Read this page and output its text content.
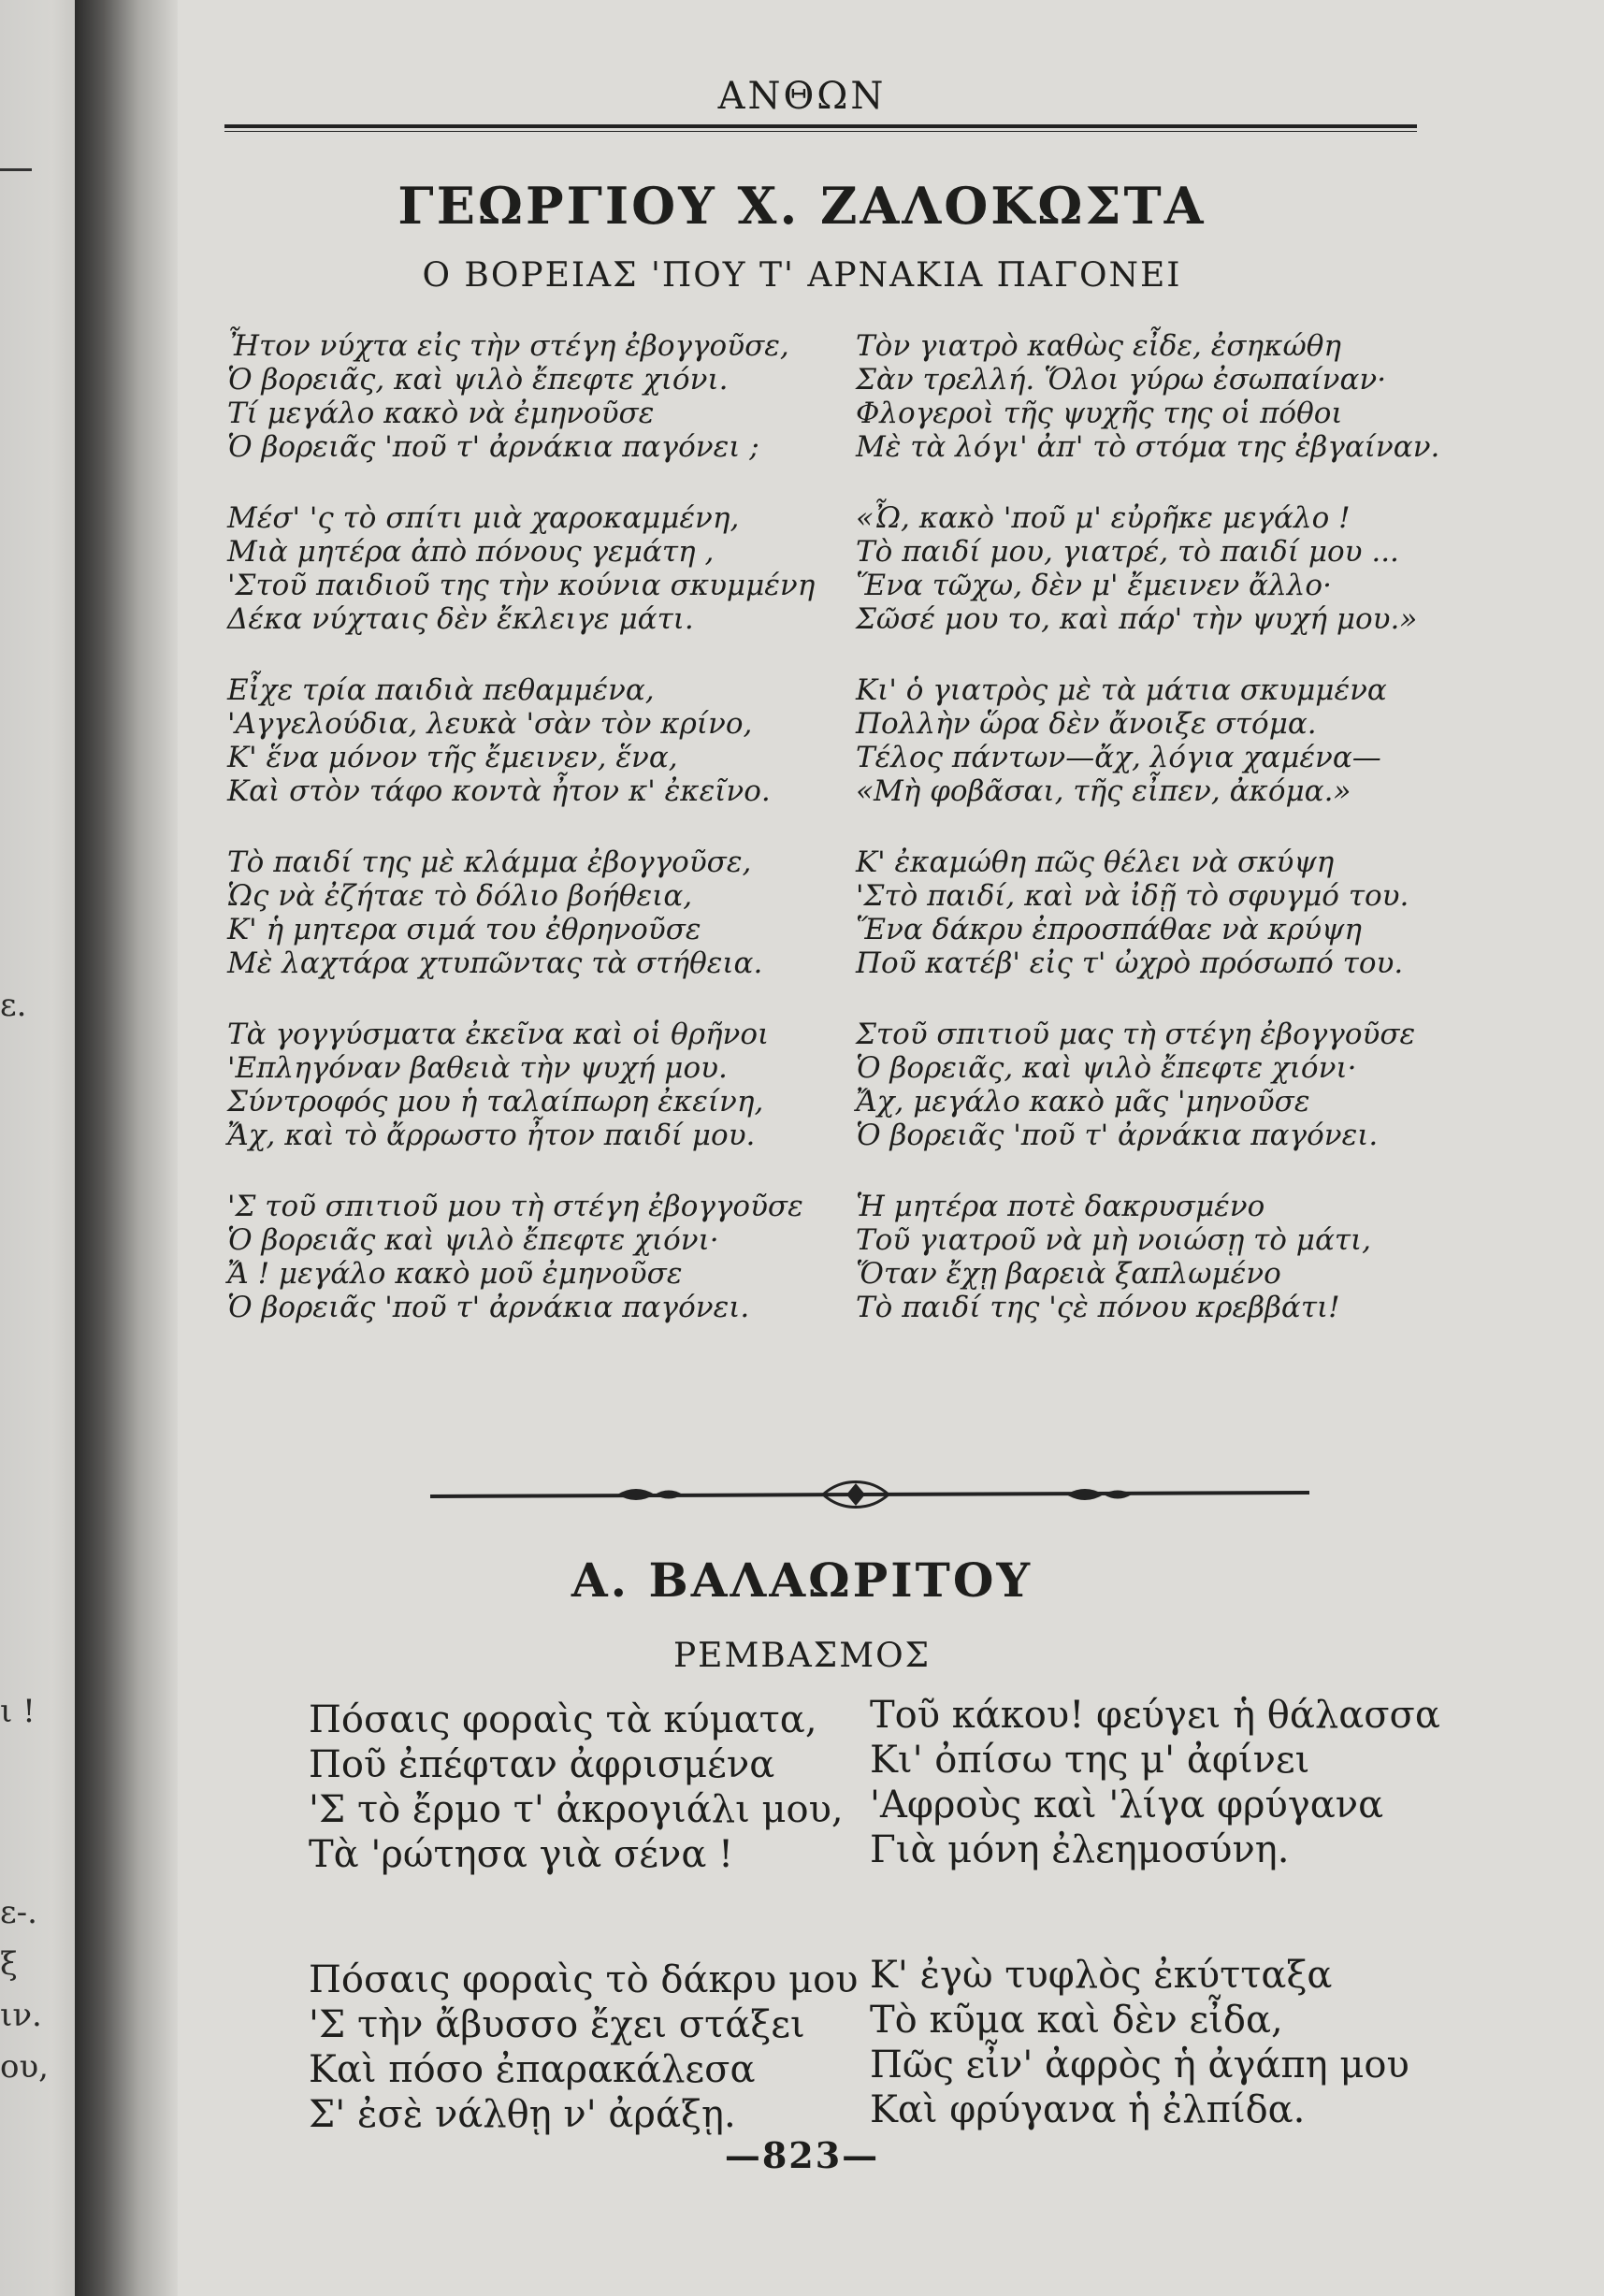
ε.
ι !
ε-.
ξ
ιν.
ου,
ΑΝΘΩΝ
ΓΕΩΡΓΙΟΥ Χ. ΖΑΛΟΚΩΣΤΑ
Ο ΒΟΡΕΙΑΣ 'ΠΟΥ Τ' ΑΡΝΑΚΙΑ ΠΑΓΟΝΕΙ
Ἦτον νύχτα εἰς τὴν στέγη ἐβογγοῦσε,
Ὁ βορειᾶς, καὶ ψιλὸ ἔπεφτε χιόνι.
Τί μεγάλο κακὸ νὰ ἐμηνοῦσε
Ὁ βορειᾶς 'ποῦ τ' ἀρνάκια παγόνει ;
Μέσ' 'ς τὸ σπίτι μιὰ χαροκαμμένη,
Μιὰ μητέρα ἀπὸ πόνους γεμάτη ,
'Στοῦ παιδιοῦ της τὴν κούνια σκυμμένη
Δέκα νύχταις δὲν ἔκλειγε μάτι.
Εἶχε τρία παιδιὰ πεθαμμένα,
'Αγγελούδια, λευκὰ 'σὰν τὸν κρίνο,
Κ' ἕνα μόνον τῆς ἔμεινεν, ἕνα,
Καὶ στὸν τάφο κοντὰ ἦτον κ' ἐκεῖνο.
Τὸ παιδί της μὲ κλάμμα ἐβογγοῦσε,
Ὡς νὰ ἐζήταε τὸ δόλιο βοήθεια,
Κ' ἡ μητερα σιμά του ἐθρηνοῦσε
Μὲ λαχτάρα χτυπῶντας τὰ στήθεια.
Τὰ γογγύσματα ἐκεῖνα καὶ οἱ θρῆνοι
'Επληγόναν βαθειὰ τὴν ψυχή μου.
Σύντροφός μου ἡ ταλαίπωρη ἐκείνη,
Ἄχ, καὶ τὸ ἄρρωστο ἦτον παιδί μου.
'Σ τοῦ σπιτιοῦ μου τὴ στέγη ἐβογγοῦσε
Ὁ βορειᾶς καὶ ψιλὸ ἔπεφτε χιόνι·
Ἄ ! μεγάλο κακὸ μοῦ ἐμηνοῦσε
Ὁ βορειᾶς 'ποῦ τ' ἀρνάκια παγόνει.
Τὸν γιατρὸ καθὼς εἶδε, ἐσηκώθη
Σὰν τρελλή. Ὅλοι γύρω ἐσωπαίναν·
Φλογεροὶ τῆς ψυχῆς της οἱ πόθοι
Μὲ τὰ λόγι' ἀπ' τὸ στόμα της ἐβγαίναν.
«Ὦ, κακὸ 'ποῦ μ' εὐρῆκε μεγάλο !
Τὸ παιδί μου, γιατρέ, τὸ παιδί μου ...
Ἕνα τῶχω, δὲν μ' ἔμεινεν ἄλλο·
Σῶσέ μου το, καὶ πάρ' τὴν ψυχή μου.»
Κι' ὁ γιατρὸς μὲ τὰ μάτια σκυμμένα
Πολλὴν ὥρα δὲν ἄνοιξε στόμα.
Τέλος πάντων—ἄχ, λόγια χαμένα—
«Μὴ φοβᾶσαι, τῆς εἶπεν, ἀκόμα.»
Κ' ἐκαμώθη πῶς θέλει νὰ σκύψη
'Στὸ παιδί, καὶ νὰ ἰδῇ τὸ σφυγμό του.
Ἕνα δάκρυ ἐπροσπάθαε νὰ κρύψη
Ποῦ κατέβ' εἰς τ' ὠχρὸ πρόσωπό του.
Στοῦ σπιτιοῦ μας τὴ στέγη ἐβογγοῦσε
Ὁ βορειᾶς, καὶ ψιλὸ ἔπεφτε χιόνι·
Ἄχ, μεγάλο κακὸ μᾶς 'μηνοῦσε
Ὁ βορειᾶς 'ποῦ τ' ἀρνάκια παγόνει.
Ἡ μητέρα ποτὲ δακρυσμένο
Τοῦ γιατροῦ νὰ μὴ νοιώσῃ τὸ μάτι,
Ὅταν ἔχῃ βαρειὰ ξαπλωμένο
Τὸ παιδί της 'ςὲ πόνου κρεββάτι!
Α. ΒΑΛΑΩΡΙΤΟΥ
ΡΕΜΒΑΣΜΟΣ
Πόσαις φοραὶς τὰ κύματα,
Ποῦ ἐπέφταν ἀφρισμένα
'Σ τὸ ἔρμο τ' ἀκρογιάλι μου,
Τὰ 'ρώτησα γιὰ σένα !
Πόσαις φοραὶς τὸ δάκρυ μου
'Σ τὴν ἄβυσσο ἔχει στάξει
Καὶ πόσο ἐπαρακάλεσα
Σ' ἐσὲ νάλθῃ ν' ἀράξῃ.
Τοῦ κάκου! φεύγει ἡ θάλασσα
Κι' ὀπίσω της μ' ἀφίνει
'Αφροὺς καὶ 'λίγα φρύγανα
Γιὰ μόνη ἐλεημοσύνη.
Κ' ἐγὼ τυφλὸς ἐκύτταξα
Τὸ κῦμα καὶ δὲν εἶδα,
Πῶς εἶν' ἀφρὸς ἡ ἀγάπη μου
Καὶ φρύγανα ἡ ἐλπίδα.
—823—
